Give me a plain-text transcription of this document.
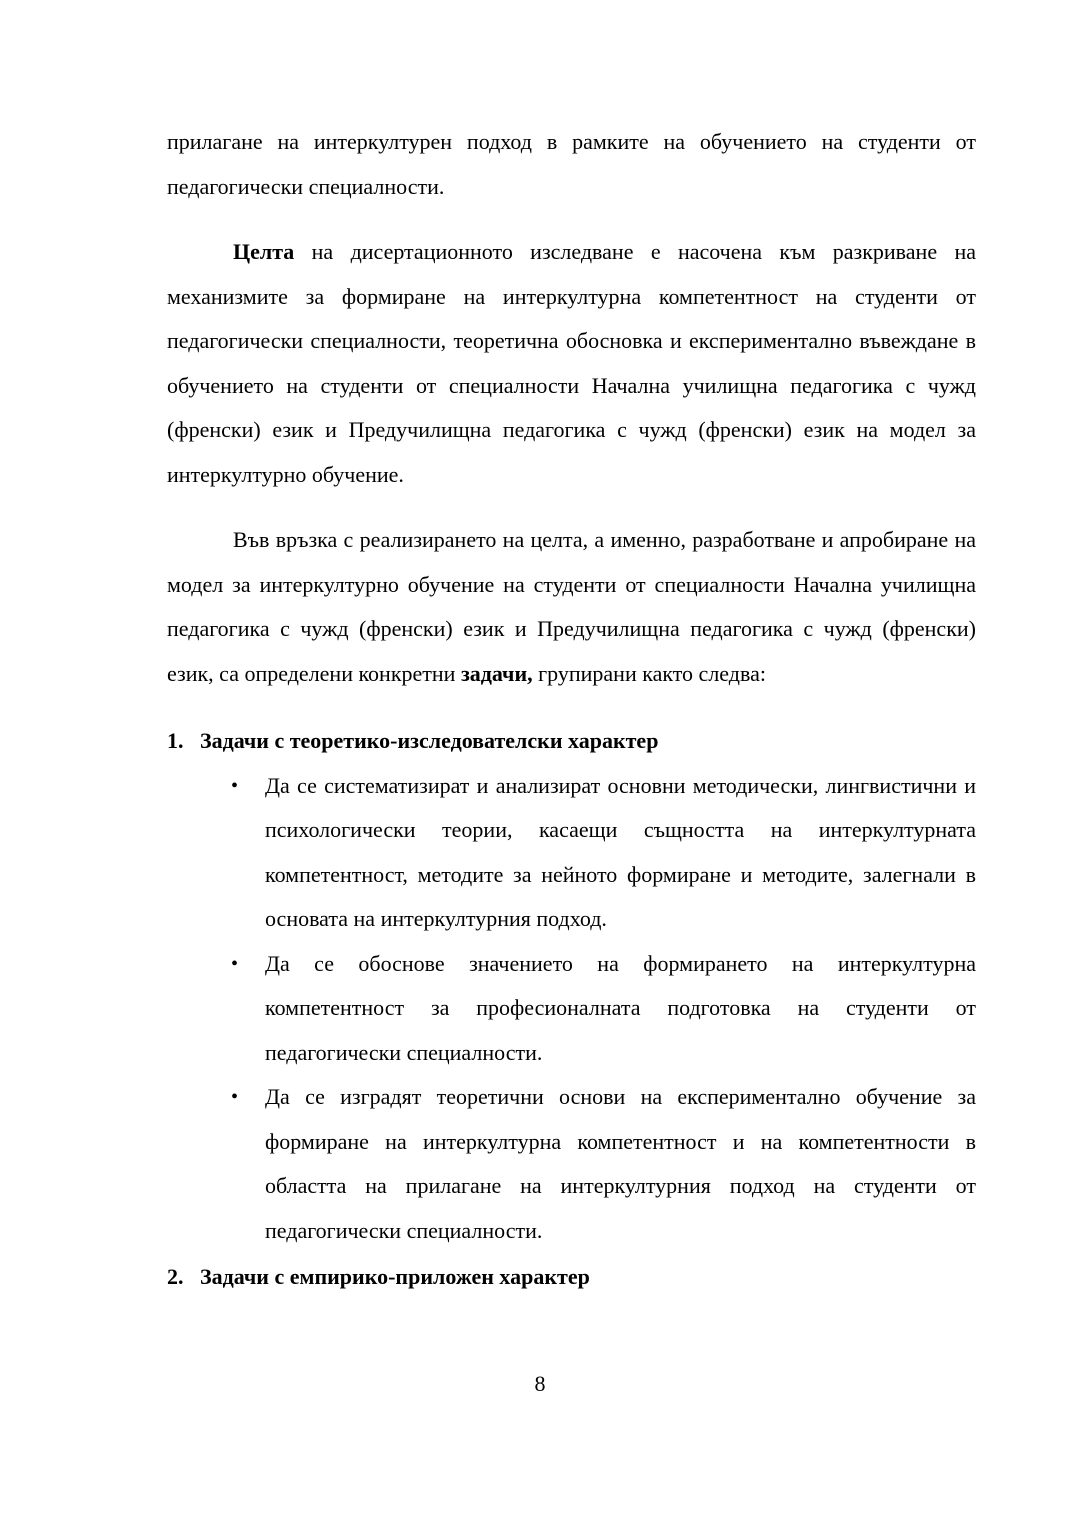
прилагане на интеркултурен подход в рамките на обучението на студенти от педагогически специалности.

Целта на дисертационното изследване е насочена към разкриване на механизмите за формиране на интеркултурна компетентност на студенти от педагогически специалности, теоретична обосновка и експериментално въвеждане в обучението на студенти от специалности Начална училищна педагогика с чужд (френски) език и Предучилищна педагогика с чужд (френски) език на модел за интеркултурно обучение.

Във връзка с реализирането на целта, а именно, разработване и апробиране на модел за интеркултурно обучение на студенти от специалности Начална училищна педагогика с чужд (френски) език и Предучилищна педагогика с чужд (френски) език, са определени конкретни задачи, групирани както следва:

1. Задачи с теоретико-изследователски характер
• Да се систематизират и анализират основни методически, лингвистични и психологически теории, касаещи същността на интеркултурната компетентност, методите за нейното формиране и методите, залегнали в основата на интеркултурния подход.
• Да се обоснове значението на формирането на интеркултурна компетентност за професионалната подготовка на студенти от педагогически специалности.
• Да се изградят теоретични основи на експериментално обучение за формиране на интеркултурна компетентност и на компетентности в областта на прилагане на интеркултурния подход на студенти от педагогически специалности.
2. Задачи с емпирико-приложен характер
8
